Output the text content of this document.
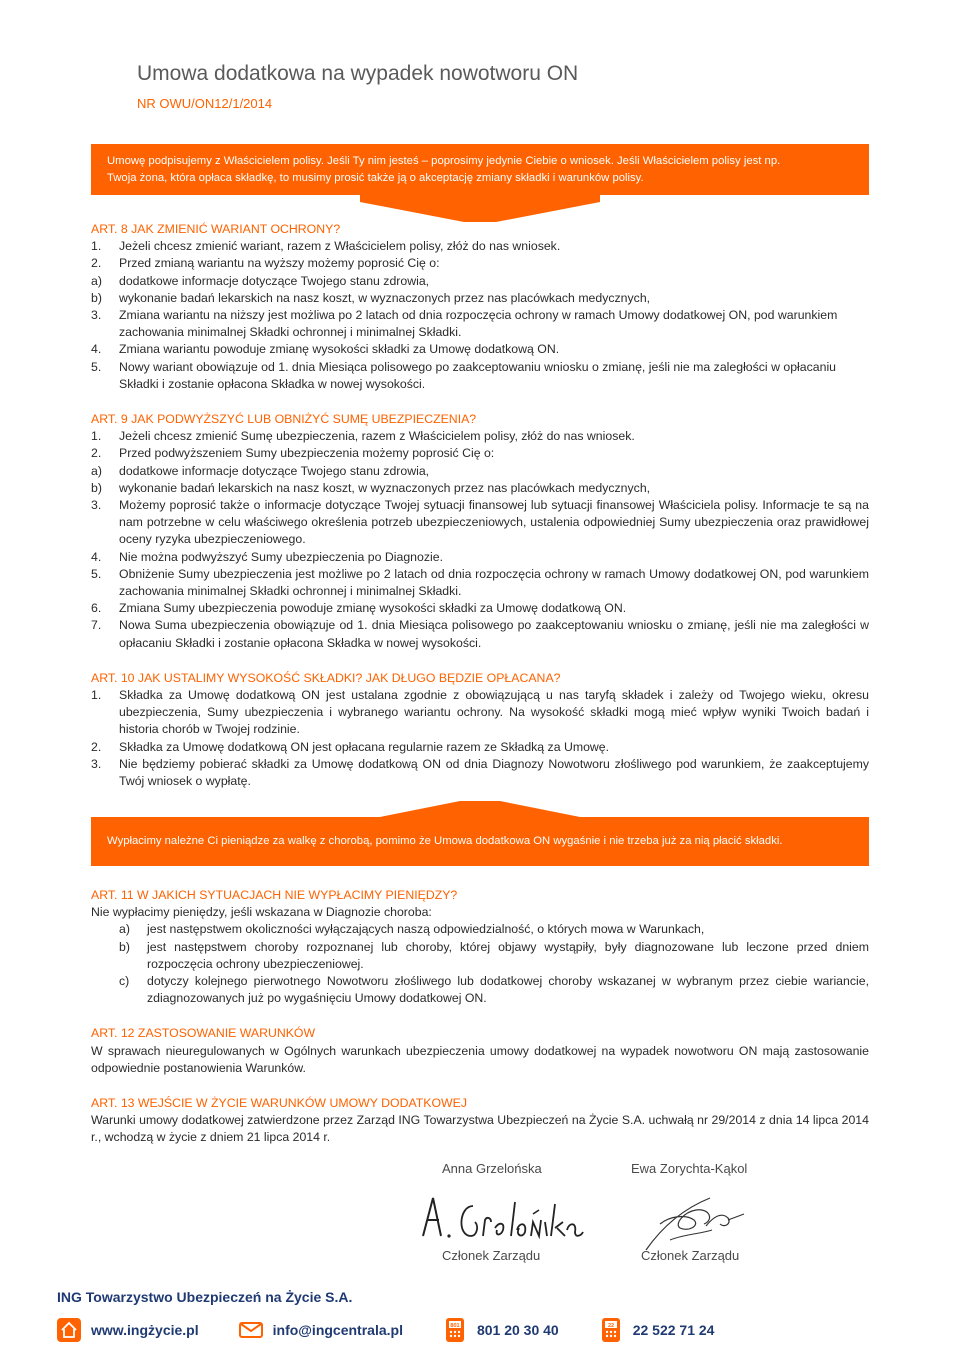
Umowa dodatkowa na wypadek nowotworu ON
NR OWU/ON12/1/2014
Umowę podpisujemy z Właścicielem polisy. Jeśli Ty nim jesteś – poprosimy jedynie Ciebie o wniosek. Jeśli Właścicielem polisy jest np.
Twoja żona, która opłaca składkę, to musimy prosić także ją o akceptację zmiany składki i warunków polisy.
ART. 8 JAK ZMIENIĆ WARIANT OCHRONY?
1.	Jeżeli chcesz zmienić wariant, razem z Właścicielem polisy, złóż do nas wniosek.
2.	Przed zmianą wariantu na wyższy możemy poprosić Cię o:
a)	dodatkowe informacje dotyczące Twojego stanu zdrowia,
b)	wykonanie badań lekarskich na nasz koszt, w wyznaczonych przez nas placówkach medycznych,
3.	Zmiana wariantu na niższy jest możliwa po 2 latach od dnia rozpoczęcia ochrony w ramach Umowy dodatkowej ON, pod warunkiem zachowania minimalnej Składki ochronnej i minimalnej Składki.
4.	Zmiana wariantu powoduje zmianę wysokości składki za Umowę dodatkową ON.
5.	Nowy wariant obowiązuje od 1. dnia Miesiąca polisowego po zaakceptowaniu wniosku o zmianę, jeśli nie ma zaległości w opłacaniu Składki i zostanie opłacona Składka w nowej wysokości.
ART. 9 JAK PODWYŻSZYĆ LUB OBNIŻYĆ SUMĘ UBEZPIECZENIA?
1.	Jeżeli chcesz zmienić Sumę ubezpieczenia, razem z Właścicielem polisy, złóż do nas wniosek.
2.	Przed podwyższeniem Sumy ubezpieczenia możemy poprosić Cię o:
a)	dodatkowe informacje dotyczące Twojego stanu zdrowia,
b)	wykonanie badań lekarskich na nasz koszt, w wyznaczonych przez nas placówkach medycznych,
3.	Możemy poprosić także o informacje dotyczące Twojej sytuacji finansowej lub sytuacji finansowej Właściciela polisy. Informacje te są na nam potrzebne w celu właściwego określenia potrzeb ubezpieczeniowych, ustalenia odpowiedniej Sumy ubezpieczenia oraz prawidłowej oceny ryzyka ubezpieczeniowego.
4.	Nie można podwyższyć Sumy ubezpieczenia po Diagnozie.
5.	Obniżenie Sumy ubezpieczenia jest możliwe po 2 latach od dnia rozpoczęcia ochrony w ramach Umowy dodatkowej ON, pod warunkiem zachowania minimalnej Składki ochronnej i minimalnej Składki.
6.	Zmiana Sumy ubezpieczenia powoduje zmianę wysokości składki za Umowę dodatkową ON.
7.	Nowa Suma ubezpieczenia obowiązuje od 1. dnia Miesiąca polisowego po zaakceptowaniu wniosku o zmianę, jeśli nie ma zaległości w opłacaniu Składki i zostanie opłacona Składka w nowej wysokości.
ART. 10 JAK USTALIMY WYSOKOŚĆ SKŁADKI? JAK DŁUGO BĘDZIE OPŁACANA?
1.	Składka za Umowę dodatkową ON jest ustalana zgodnie z obowiązującą u nas taryfą składek i zależy od Twojego wieku, okresu ubezpieczenia, Sumy ubezpieczenia i wybranego wariantu ochrony. Na wysokość składki mogą mieć wpływ wyniki Twoich badań i historia chorób w Twojej rodzinie.
2.	Składka za Umowę dodatkową ON jest opłacana regularnie razem ze Składką za Umowę.
3.	Nie będziemy pobierać składki za Umowę dodatkową ON od dnia Diagnozy Nowotworu złośliwego pod warunkiem, że zaakceptujemy Twój wniosek o wypłatę.
Wypłacimy należne Ci pieniądze za walkę z chorobą, pomimo że Umowa dodatkowa ON wygaśnie i nie trzeba już za nią płacić składki.
ART. 11 W JAKICH SYTUACJACH NIE WYPŁACIMY PIENIĘDZY?
Nie wypłacimy pieniędzy, jeśli wskazana w Diagnozie choroba:
a)	jest następstwem okoliczności wyłączających naszą odpowiedzialność, o których mowa w Warunkach,
b)	jest następstwem choroby rozpoznanej lub choroby, której objawy wystąpiły, były diagnozowane lub leczone przed dniem rozpoczęcia ochrony ubezpieczeniowej.
c)	dotyczy kolejnego pierwotnego Nowotworu złośliwego lub dodatkowej choroby wskazanej w wybranym przez ciebie wariancie, zdiagnozowanych już po wygaśnięciu Umowy dodatkowej ON.
ART. 12 ZASTOSOWANIE WARUNKÓW
W sprawach nieuregulowanych w Ogólnych warunkach ubezpieczenia umowy dodatkowej na wypadek nowotworu ON mają zastosowanie odpowiednie postanowienia Warunków.
ART. 13 WEJŚCIE W ŻYCIE WARUNKÓW UMOWY DODATKOWEJ
Warunki umowy dodatkowej zatwierdzone przez Zarząd ING Towarzystwa Ubezpieczeń na Życie S.A. uchwałą nr 29/2014 z dnia 14 lipca 2014 r., wchodzą w życie z dniem 21 lipca 2014 r.
Anna Grzelońska	Ewa Zorychta-Kąkol
Członek Zarządu	Członek Zarządu
ING Towarzystwo Ubezpieczeń na Życie S.A.
www.ingżycie.pl	info@ingcentrala.pl	801 801 20 30 40	22 22 522 71 24
